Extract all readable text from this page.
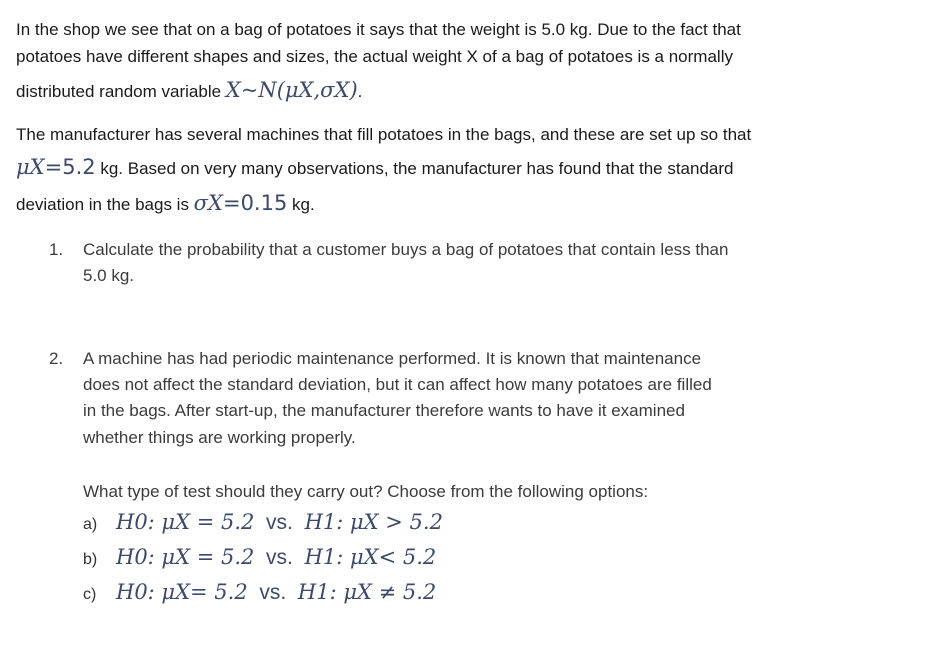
In the shop we see that on a bag of potatoes it says that the weight is 5.0 kg. Due to the fact that
potatoes have different shapes and sizes, the actual weight X of a bag of potatoes is a normally
distributed random variable X~N(μX,σX).
The manufacturer has several machines that fill potatoes in the bags, and these are set up so that
μX=5.2 kg. Based on very many observations, the manufacturer has found that the standard
deviation in the bags is σX=0.15 kg.
1. Calculate the probability that a customer buys a bag of potatoes that contain less than
5.0 kg.
2. A machine has had periodic maintenance performed. It is known that maintenance
does not affect the standard deviation, but it can affect how many potatoes are filled
in the bags. After start-up, the manufacturer therefore wants to have it examined
whether things are working properly.
What type of test should they carry out? Choose from the following options:
a) H0: μX = 5.2  vs.  H1: μX > 5.2
b) H0: μX = 5.2  vs.  H1: μX< 5.2
c) H0: μX= 5.2  vs.  H1: μX ≠ 5.2
